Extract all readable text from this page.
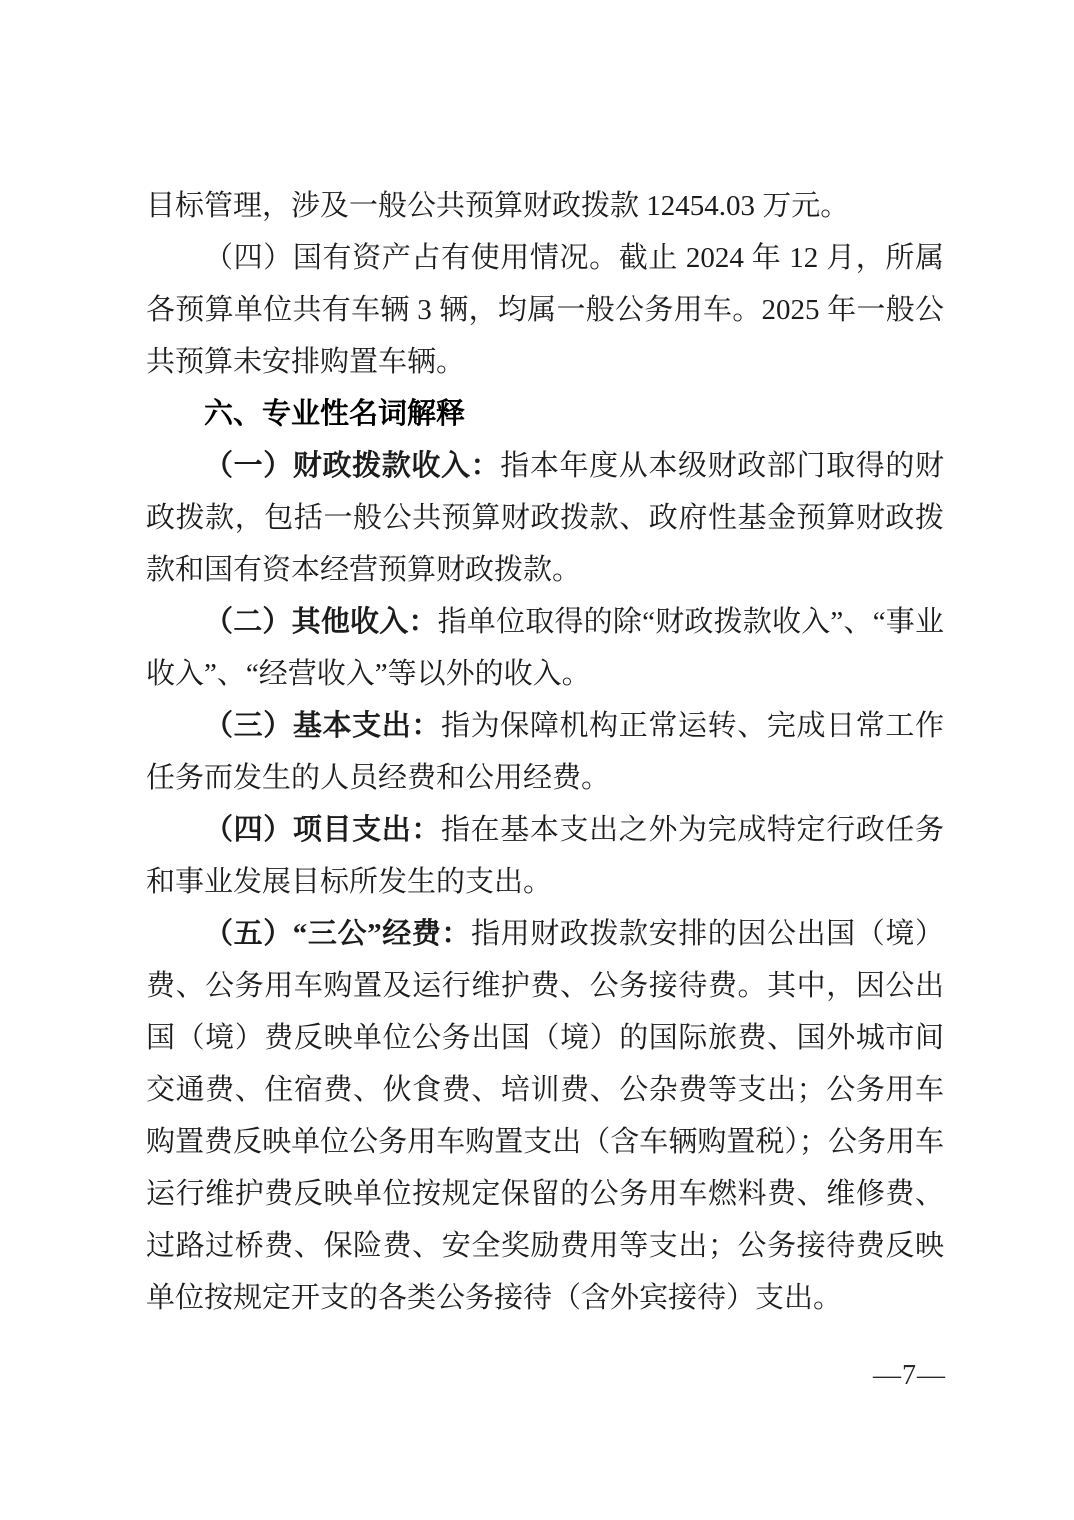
目标管理，涉及一般公共预算财政拨款 12454.03 万元。

（四）国有资产占有使用情况。截止 2024 年 12 月，所属各预算单位共有车辆 3 辆，均属一般公务用车。2025 年一般公共预算未安排购置车辆。

六、专业性名词解释

（一）财政拨款收入：指本年度从本级财政部门取得的财政拨款，包括一般公共预算财政拨款、政府性基金预算财政拨款和国有资本经营预算财政拨款。

（二）其他收入：指单位取得的除“财政拨款收入”、“事业收入”、“经营收入”等以外的收入。

（三）基本支出：指为保障机构正常运转、完成日常工作任务而发生的人员经费和公用经费。

（四）项目支出：指在基本支出之外为完成特定行政任务和事业发展目标所发生的支出。

（五）“三公”经费：指用财政拨款安排的因公出国（境）费、公务用车购置及运行维护费、公务接待费。其中，因公出国（境）费反映单位公务出国（境）的国际旅费、国外城市间交通费、住宿费、伙食费、培训费、公杂费等支出；公务用车购置费反映单位公务用车购置支出（含车辆购置税）；公务用车运行维护费反映单位按规定保留的公务用车燃料费、维修费、过路过桥费、保险费、安全奖励费用等支出；公务接待费反映单位按规定开支的各类公务接待（含外宾接待）支出。

—7—
